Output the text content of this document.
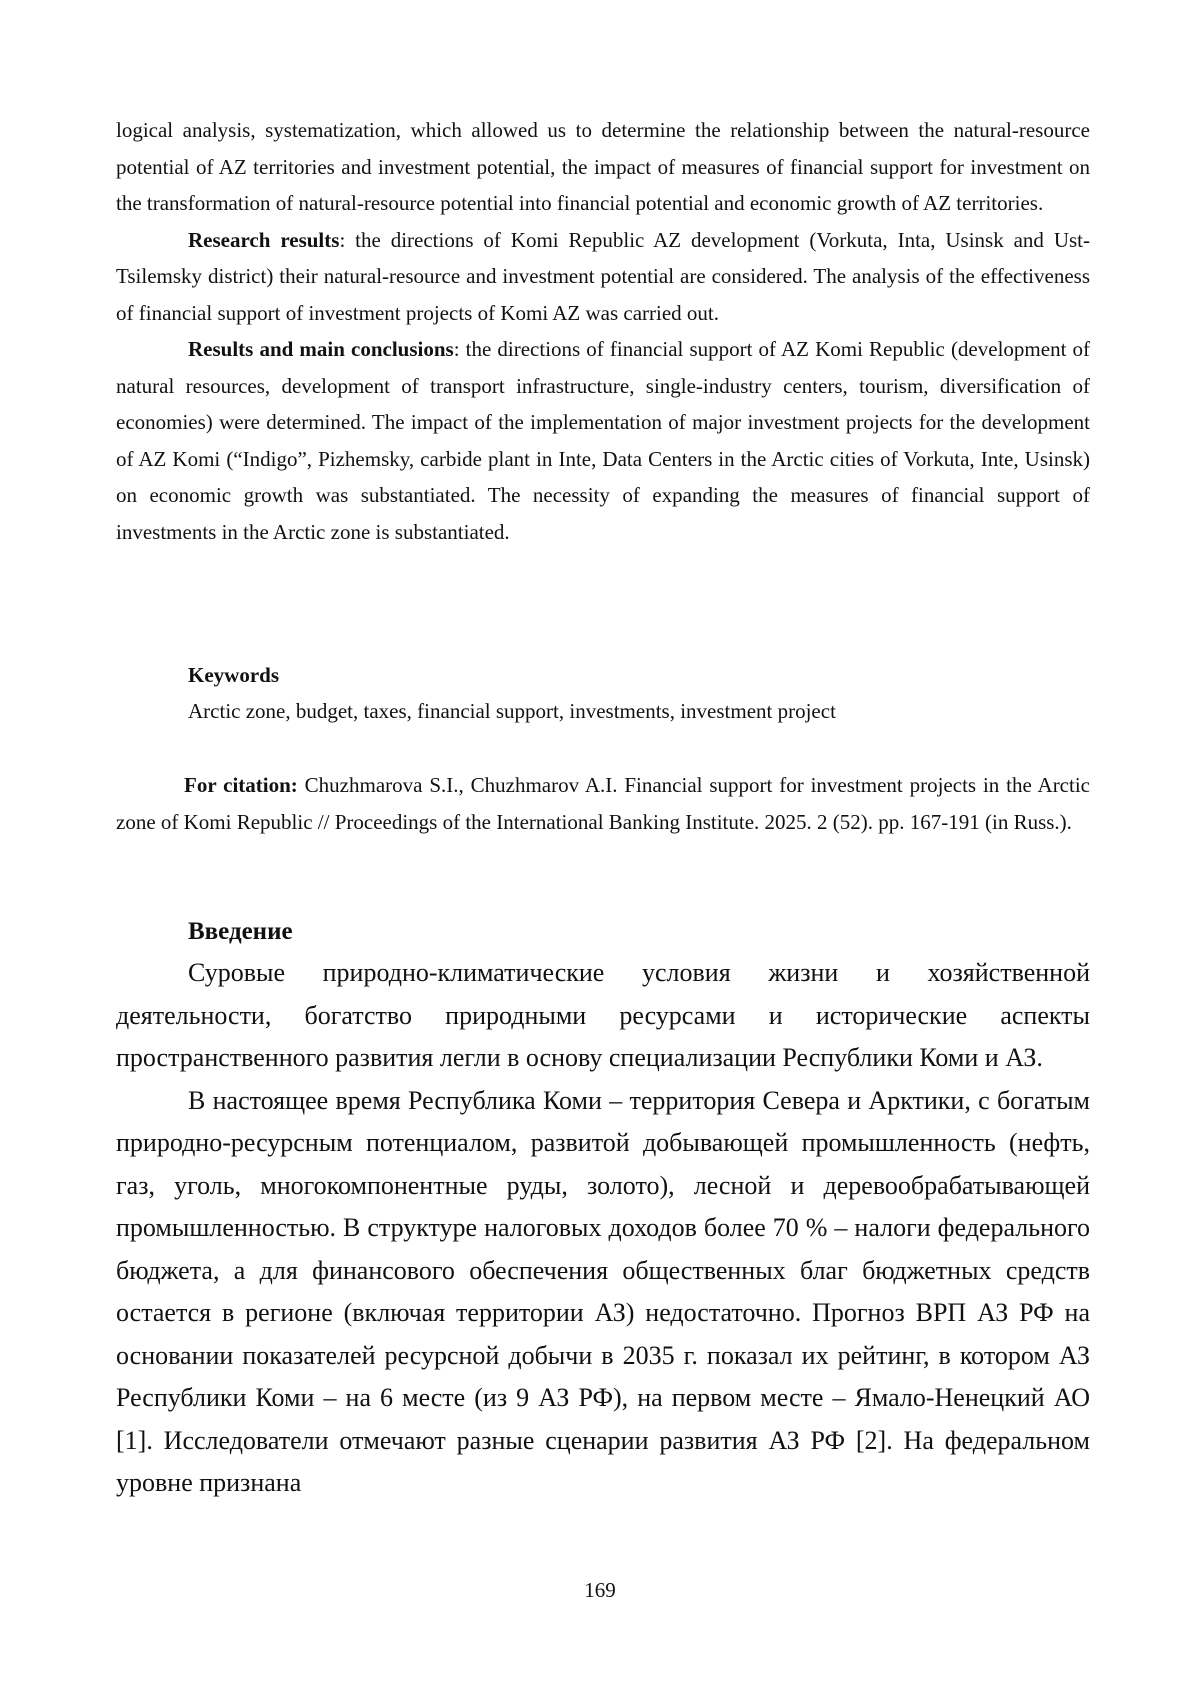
logical analysis, systematization, which allowed us to determine the relationship between the natural-resource potential of AZ territories and investment potential, the impact of measures of financial support for investment on the transformation of natural-resource potential into financial potential and economic growth of AZ territories.

Research results: the directions of Komi Republic AZ development (Vorkuta, Inta, Usinsk and Ust-Tsilemsky district) their natural-resource and investment potential are considered. The analysis of the effectiveness of financial support of investment projects of Komi AZ was carried out.

Results and main conclusions: the directions of financial support of AZ Komi Republic (development of natural resources, development of transport infrastructure, single-industry centers, tourism, diversification of economies) were determined. The impact of the implementation of major investment projects for the development of AZ Komi (“Indigo”, Pizhemsky, carbide plant in Inte, Data Centers in the Arctic cities of Vorkuta, Inte, Usinsk) on economic growth was substantiated. The necessity of expanding the measures of financial support of investments in the Arctic zone is substantiated.

Keywords
Arctic zone, budget, taxes, financial support, investments, investment project

For citation: Chuzhmarova S.I., Chuzhmarov A.I. Financial support for investment projects in the Arctic zone of Komi Republic // Proceedings of the International Banking Institute. 2025. 2 (52). pp. 167-191 (in Russ.).

Введение

Суровые природно-климатические условия жизни и хозяйственной деятельности, богатство природными ресурсами и исторические аспекты пространственного развития легли в основу специализации Республики Коми и АЗ.

В настоящее время Республика Коми – территория Севера и Арктики, с богатым природно-ресурсным потенциалом, развитой добывающей промышленность (нефть, газ, уголь, многокомпонентные руды, золото), лесной и деревообрабатывающей промышленностью. В структуре налоговых доходов более 70 % – налоги федерального бюджета, а для финансового обеспечения общественных благ бюджетных средств остается в регионе (включая территории АЗ) недостаточно. Прогноз ВРП АЗ РФ на основании показателей ресурсной добычи в 2035 г. показал их рейтинг, в котором АЗ Республики Коми – на 6 месте (из 9 АЗ РФ), на первом месте – Ямало-Ненецкий АО [1]. Исследователи отмечают разные сценарии развития АЗ РФ [2]. На федеральном уровне признана

169
